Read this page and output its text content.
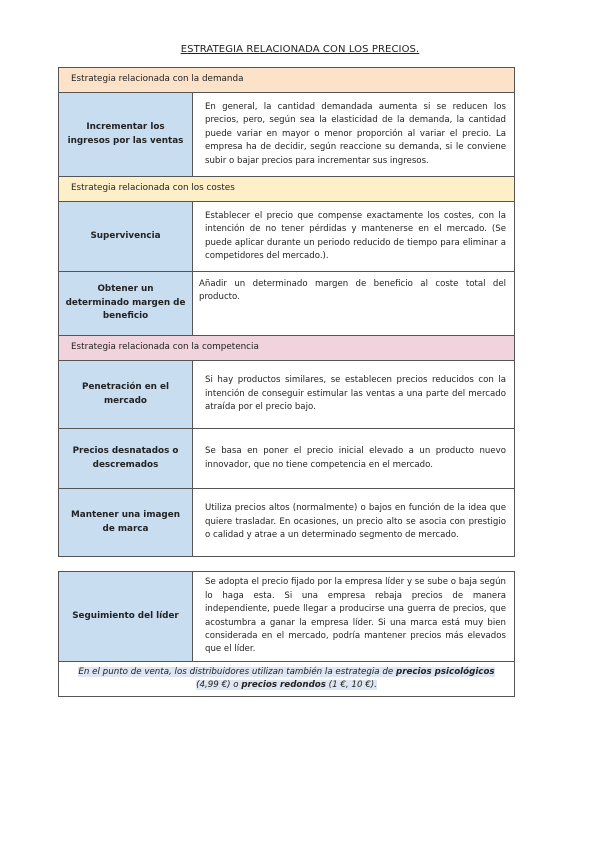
ESTRATEGIA RELACIONADA CON LOS PRECIOS.
Estrategia relacionada con la demanda	
Incrementar los ingresos por las ventas	En general, la cantidad demandada aumenta si se reducen los precios, pero, según sea la elasticidad de la demanda, la cantidad puede variar en mayor o menor proporción al variar el precio. La empresa ha de decidir, según reaccione su demanda, si le conviene subir o bajar precios para incrementar sus ingresos.
Estrategia relacionada con los costes	
Supervivencia	Establecer el precio que compense exactamente los costes, con la intención de no tener pérdidas y mantenerse en el mercado. (Se puede aplicar durante un periodo reducido de tiempo para eliminar a competidores del mercado.).
Obtener un determinado margen de beneficio	Añadir un determinado margen de beneficio al coste total del producto.
Estrategia relacionada con la competencia	
Penetración en el mercado	Si hay productos similares, se establecen precios reducidos con la intención de conseguir estimular las ventas a una parte del mercado atraída por el precio bajo.
Precios desnatados o descremados	Se basa en poner el precio inicial elevado a un producto nuevo innovador, que no tiene competencia en el mercado.
Mantener una imagen de marca	Utiliza precios altos (normalmente) o bajos en función de la idea que quiere trasladar. En ocasiones, un precio alto se asocia con prestigio o calidad y atrae a un determinado segmento de mercado.
Seguimiento del líder	Se adopta el precio fijado por la empresa líder y se sube o baja según lo haga esta. Si una empresa rebaja precios de manera independiente, puede llegar a producirse una guerra de precios, que acostumbra a ganar la empresa líder. Si una marca está muy bien considerada en el mercado, podría mantener precios más elevados que el líder.
En el punto de venta, los distribuidores utilizan también la estrategia de precios psicológicos
(4,99 €) o precios redondos (1 €, 10 €).
